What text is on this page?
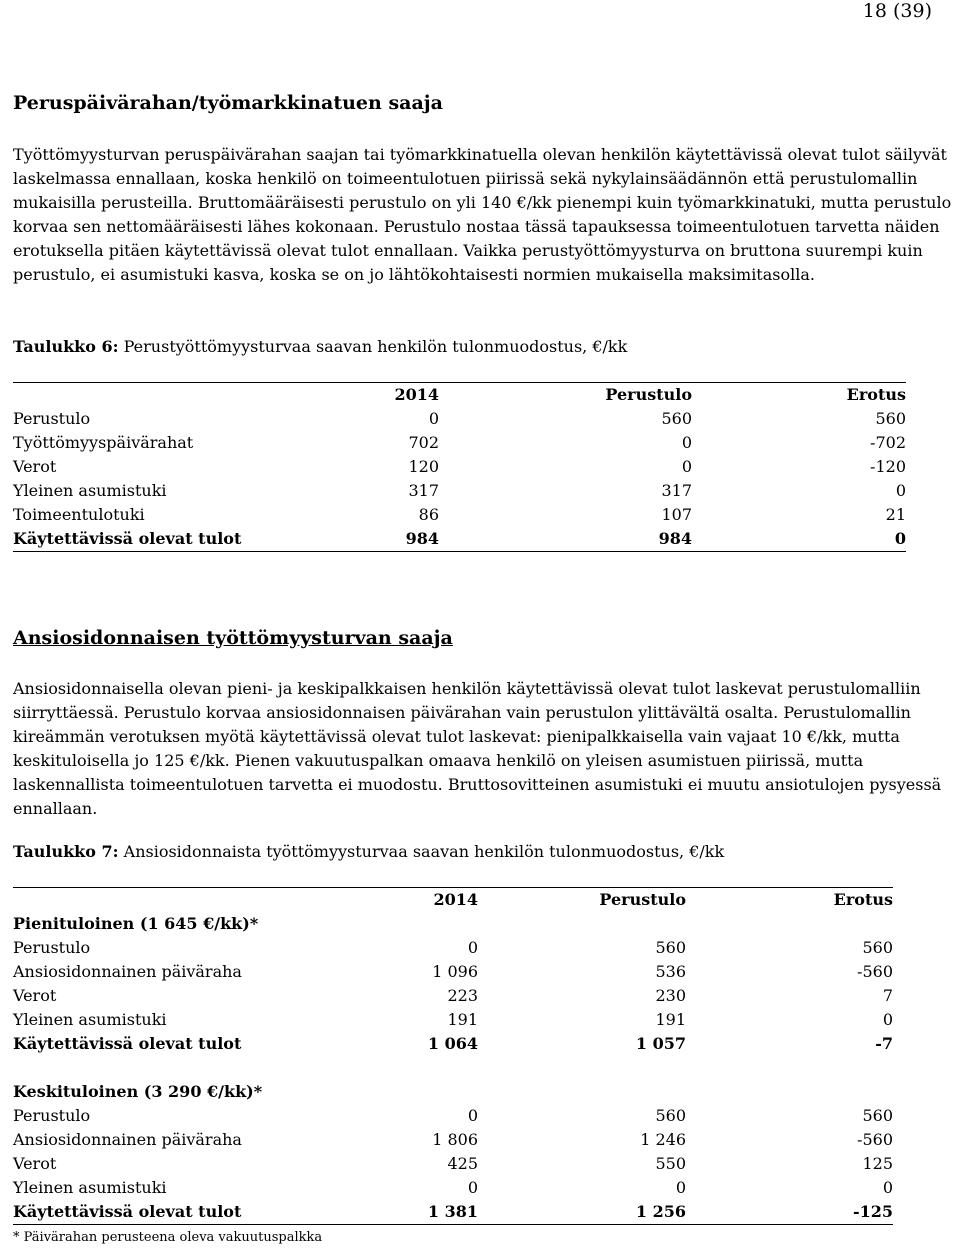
18 (39)
Peruspäivärahan/työmarkkinatuen saaja

Työttömyysturvan peruspäivärahan saajan tai työmarkkinatuella olevan henkilön käytettävissä olevat tulot säilyvät laskelmassa ennallaan, koska henkilö on toimeentulotuen piirissä sekä nykylainsäädännön että perustulomallin mukaisilla perusteilla. Bruttomääräisesti perustulo on yli 140 €/kk pienempi kuin työmarkkinatuki, mutta perustulo korvaa sen nettomääräisesti lähes kokonaan. Perustulo nostaa tässä tapauksessa toimeentulotuen tarvetta näiden erotuksella pitäen käytettävissä olevat tulot ennallaan. Vaikka perustyöttömyysturva on bruttona suurempi kuin perustulo, ei asumistuki kasva, koska se on jo lähtökohtaisesti normien mukaisella maksimitasolla.

Taulukko 6: Perustyöttömyysturvaa saavan henkilön tulonmuodostus, €/kk

	2014	Perustulo	Erotus
Perustulo	0	560	560
Työttömyyspäivärahat	702	0	-702
Verot	120	0	-120
Yleinen asumistuki	317	317	0
Toimeentulotuki	86	107	21
Käytettävissä olevat tulot	984	984	0
Ansiosidonnaisen työttömyysturvan saaja

Ansiosidonnaisella olevan pieni- ja keskipalkkaisen henkilön käytettävissä olevat tulot laskevat perustulomalliin siirryttäessä. Perustulo korvaa ansiosidonnaisen päivärahan vain perustulon ylittävältä osalta. Perustulomallin kireämmän verotuksen myötä käytettävissä olevat tulot laskevat: pienipalkkaisella vain vajaat 10 €/kk, mutta keskituloisella jo 125 €/kk. Pienen vakuutuspalkan omaava henkilö on yleisen asumistuen piirissä, mutta laskennallista toimeentulotuen tarvetta ei muodostu. Bruttosovitteinen asumistuki ei muutu ansiotulojen pysyessä ennallaan.

Taulukko 7: Ansiosidonnaista työttömyysturvaa saavan henkilön tulonmuodostus, €/kk

	2014	Perustulo	Erotus
Pienituloinen (1 645 €/kk)*			
Perustulo	0	560	560
Ansiosidonnainen päiväraha	1 096	536	-560
Verot	223	230	7
Yleinen asumistuki	191	191	0
Käytettävissä olevat tulot	1 064	1 057	-7

Keskituloinen (3 290 €/kk)*			
Perustulo	0	560	560
Ansiosidonnainen päiväraha	1 806	1 246	-560
Verot	425	550	125
Yleinen asumistuki	0	0	0
Käytettävissä olevat tulot	1 381	1 256	-125

* Päivärahan perusteena oleva vakuutuspalkka
